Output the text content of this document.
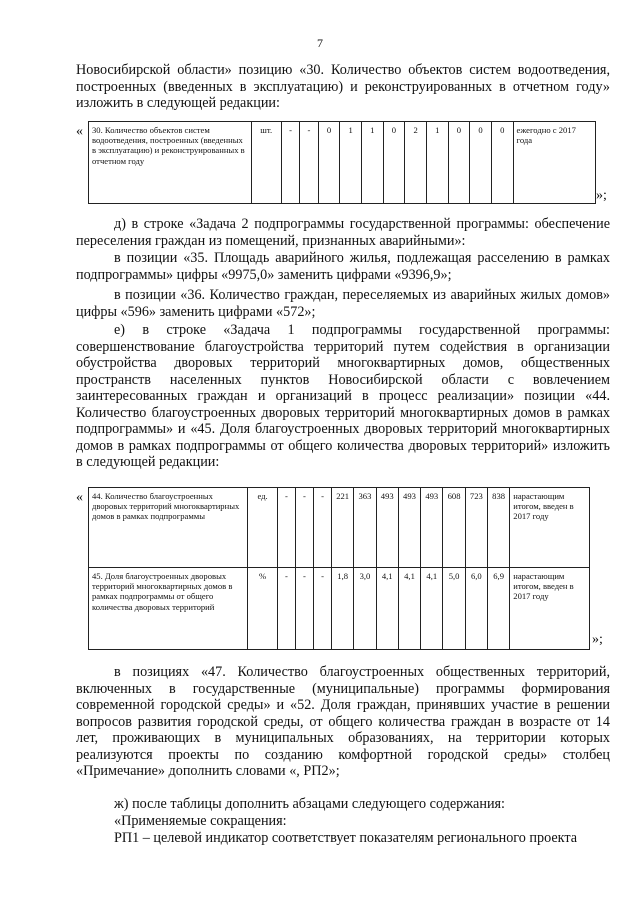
7
Новосибирской области» позицию «30. Количество объектов систем водоотведения, построенных (введенных в эксплуатацию) и реконструированных в отчетном году» изложить в следующей редакции:
« 30. Количество объектов систем водоотведения, построенных (введенных в эксплуатацию) и реконструированных в отчетном году	шт.	-	-	0	1	1	0	2	1	0	0	0	ежегодно с 2017 года
»;
д) в строке «Задача 2 подпрограммы государственной программы: обеспечение переселения граждан из помещений, признанных аварийными»:
в позиции «35. Площадь аварийного жилья, подлежащая расселению в рамках подпрограммы» цифры «9975,0» заменить цифрами «9396,9»;
в позиции «36. Количество граждан, переселяемых из аварийных жилых домов» цифры «596» заменить цифрами «572»;
е) в строке «Задача 1 подпрограммы государственной программы: совершенствование благоустройства территорий путем содействия в организации обустройства дворовых территорий многоквартирных домов, общественных пространств населенных пунктов Новосибирской области с вовлечением заинтересованных граждан и организаций в процесс реализации» позиции «44. Количество благоустроенных дворовых территорий многоквартирных домов в рамках подпрограммы» и «45. Доля благоустроенных дворовых территорий многоквартирных домов в рамках подпрограммы от общего количества дворовых территорий» изложить в следующей редакции:
« 44. Количество благоустроенных дворовых территорий многоквартирных домов в рамках подпрограммы	ед.	-	-	-	221	363	493	493	493	608	723	838	нарастающим итогом, введен в 2017 году
45. Доля благоустроенных дворовых территорий многоквартирных домов в рамках подпрограммы от общего количества дворовых территорий	%	-	-	-	1,8	3,0	4,1	4,1	4,1	5,0	6,0	6,9	нарастающим итогом, введен в 2017 году
»;
в позициях «47. Количество благоустроенных общественных территорий, включенных в государственные (муниципальные) программы формирования современной городской среды» и «52. Доля граждан, принявших участие в решении вопросов развития городской среды, от общего количества граждан в возрасте от 14 лет, проживающих в муниципальных образованиях, на территории которых реализуются проекты по созданию комфортной городской среды» столбец «Примечание» дополнить словами «, РП2»;
ж) после таблицы дополнить абзацами следующего содержания:
«Применяемые сокращения:
РП1 – целевой индикатор соответствует показателям регионального проекта
